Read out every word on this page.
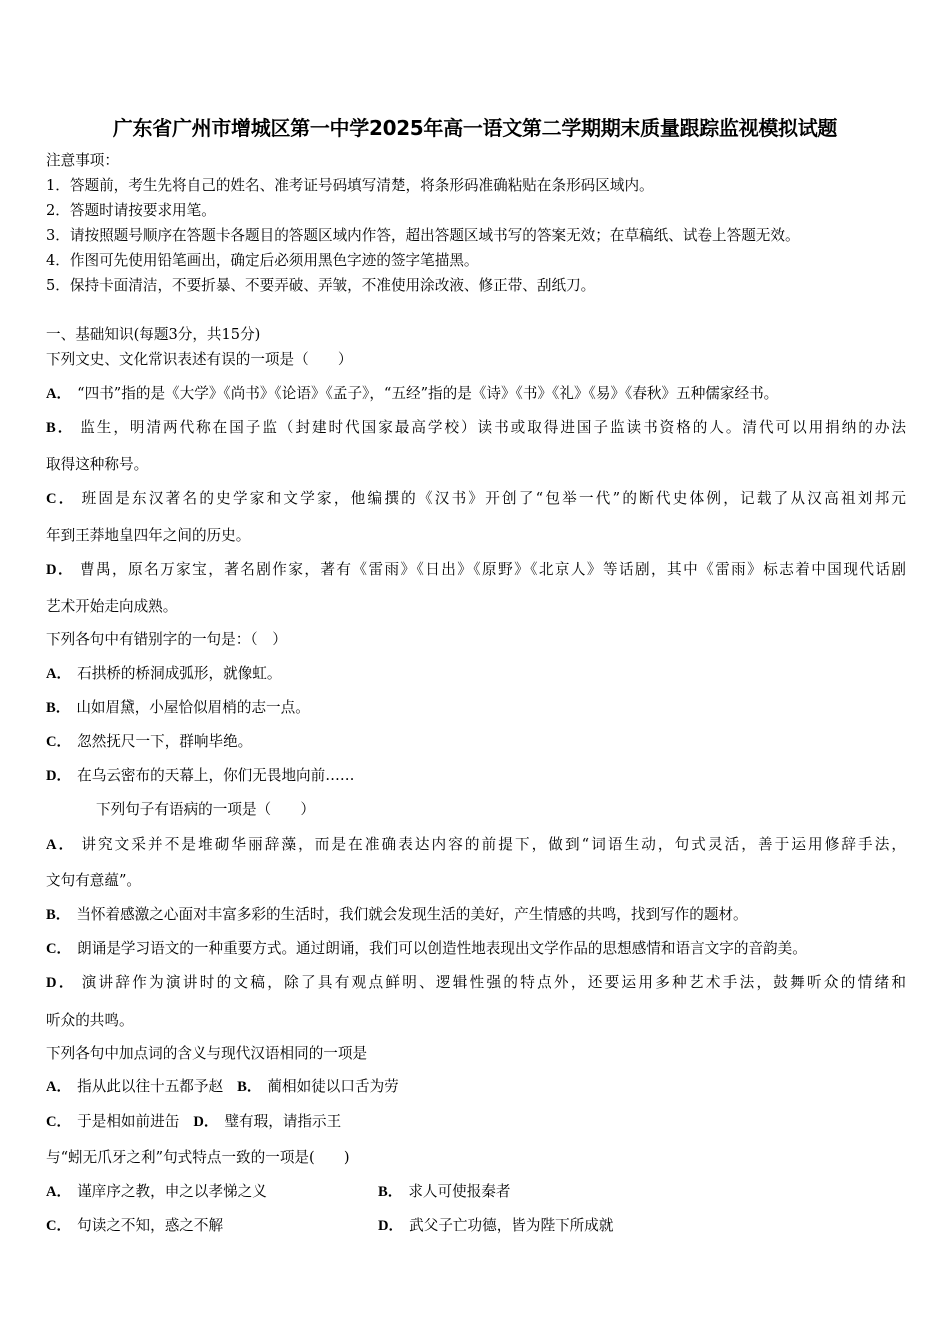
广东省广州市增城区第一中学2025年高一语文第二学期期末质量跟踪监视模拟试题
注意事项：
1．答题前，考生先将自己的姓名、准考证号码填写清楚，将条形码准确粘贴在条形码区域内。
2．答题时请按要求用笔。
3．请按照题号顺序在答题卡各题目的答题区域内作答，超出答题区域书写的答案无效；在草稿纸、试卷上答题无效。
4．作图可先使用铅笔画出，确定后必须用黑色字迹的签字笔描黑。
5．保持卡面清洁，不要折暴、不要弄破、弄皱，不准使用涂改液、修正带、刮纸刀。
一、基础知识(每题3分，共15分)
下列文史、文化常识表述有误的一项是（　　）
A． “四书”指的是《大学》《尚书》《论语》《孟子》，“五经”指的是《诗》《书》《礼》《易》《春秋》五种儒家经书。
B． 监生，明清两代称在国子监（封建时代国家最高学校）读书或取得进国子监读书资格的人。清代可以用捐纳的办法
取得这种称号。
C． 班固是东汉著名的史学家和文学家，他编撰的《汉书》开创了“包举一代”的断代史体例，记载了从汉高祖刘邦元
年到王莽地皇四年之间的历史。
D． 曹禺，原名万家宝，著名剧作家，著有《雷雨》《日出》《原野》《北京人》等话剧，其中《雷雨》标志着中国现代话剧
艺术开始走向成熟。
下列各句中有错别字的一句是：（　）
A． 石拱桥的桥洞成弧形，就像虹。
B． 山如眉黛，小屋恰似眉梢的志一点。
C． 忽然抚尺一下，群响毕绝。
D． 在乌云密布的天幕上，你们无畏地向前……
下列句子有语病的一项是（　　）
A． 讲究文采并不是堆砌华丽辞藻，而是在准确表达内容的前提下，做到“词语生动，句式灵活，善于运用修辞手法，
文句有意蕴”。
B． 当怀着感激之心面对丰富多彩的生活时，我们就会发现生活的美好，产生情感的共鸣，找到写作的题材。
C． 朗诵是学习语文的一种重要方式。通过朗诵，我们可以创造性地表现出文学作品的思想感情和语言文字的音韵美。
D． 演讲辞作为演讲时的文稿，除了具有观点鲜明、逻辑性强的特点外，还要运用多种艺术手法，鼓舞听众的情绪和
听众的共鸣。
下列各句中加点词的含义与现代汉语相同的一项是
A． 指从此以往十五都予赵 B． 蔺相如徒以口舌为劳
C． 于是相如前进缶 D． 璧有瑕，请指示王
与“蚓无爪牙之利”句式特点一致的一项是(　　)
A． 谨庠序之教，申之以孝悌之义	B． 求人可使报秦者
C． 句读之不知，惑之不解	D． 武父子亡功德，皆为陛下所成就
